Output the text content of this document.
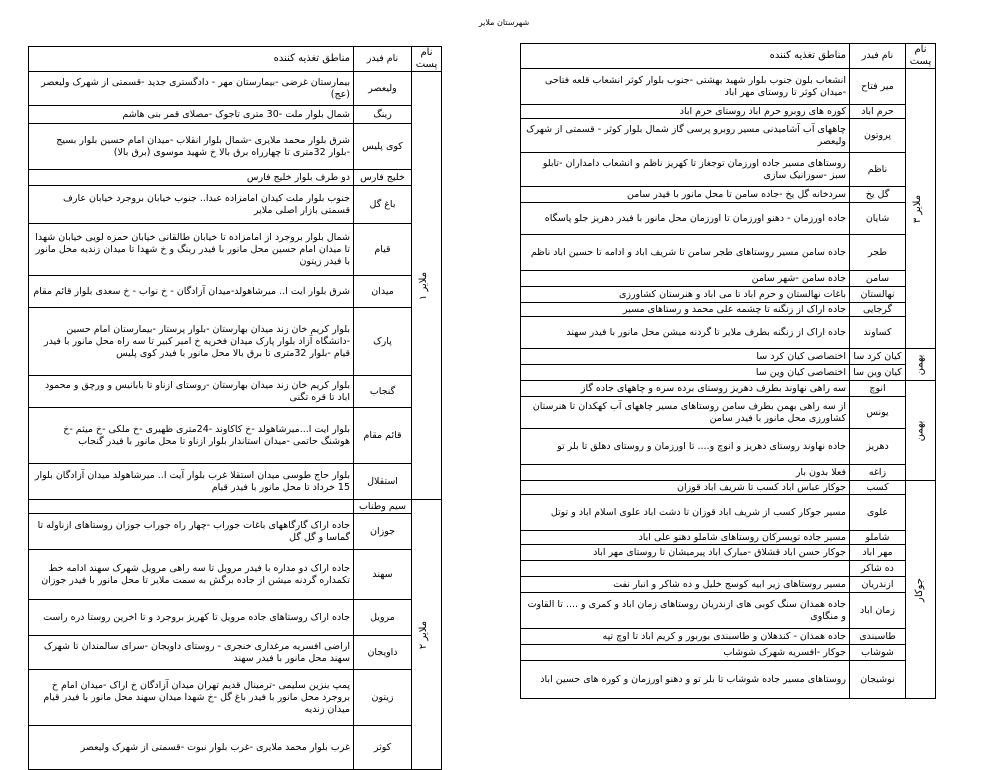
شهرستان ملایر
نام پست	نام فیدر	مناطق تغذیه کننده
ملایر ۱	ولیعصر	بیمارستان غرضی -بیمارستان مهر - دادگستری جدید -قسمتی از شهرک ولیعصر (عج)
	رینگ	شمال بلوار ملت -30 متری تاجوک -مصلای قمر بنی هاشم
	کوی پلیس	شرق بلوار محمد ملایری -شمال بلوار انقلاب -میدان امام حسین بلوار بسیج -بلوار 32متری تا چهارراه برق بالا خ شهید موسوی (برق بالا)
	خلیج فارس	دو طرف بلوار خلیج فارس
	باغ گل	جنوب بلوار ملت کیدان امامزاده عبدا.. جنوب خیابان بروجرد خیابان عارف قسمتی بازار اصلی ملایر
	قیام	شمال بلوار بروجرد از امامزاده تا خیابان طالقانی خیابان حمزه لویی خیابان شهدا تا میدان امام حسین محل مانور با فیدر رینگ و خ شهدا تا میدان زندیه محل مانور با فیدر زیتون
	میدان	شرق بلوار ایت ا.. میرشاهولد-میدان آزادگان - خ نواب - خ سعدی بلوار قائم مقام
	پارک	بلوار کریم خان زند میدان بهارستان -بلوار پرستار -بیمارستان امام حسین -دانشگاه آزاد بلوار پارک میدان فخریه خ امیر کبیر تا سه راه محل مانور با فیدر قیام -بلوار 32متری تا برق بالا محل مانور با فیدر کوی پلیس
	گنجاب	بلوار کریم خان زند میدان بهارستان -روستای ازناو تا بابانیس و ورچق و محمود اباد تا قره تگنی
	قائم مقام	بلوار ایت ا...میرشاهولد -خ کاکاوند -24متری ظهیری -خ ملکی -خ میثم -خ هوشنگ حاتمی -میدان استاندار بلوار ازناو تا محل مانور با فیدر گنجاب
	استقلال	بلوار حاج طوسی میدان استقلا غرب بلوار آیت ا.. میرشاهولد میدان آزادگان بلوار 15 خرداد تا محل مانور با فیدر قیام
ملایر ۲	سیم وطناب	
	جوزان	جاده اراک گارگاههای باغات جوراب -چهار راه جوراب جوزان روستاهای ازناوله تا گماسا و گل گل
	سهند	جاده اراک دو مداره با فیدر مرویل تا سه راهی مرویل شهرک سهند ادامه خط تکمداره گردنه میشن از جاده برگش به سمت ملایر تا محل مانور با فیدر جوزان
	مرویل	جاده اراک روستاهای جاده مرویل تا کهریز بروجرد و تا اخرین روستا دره راست
	داویجان	اراضی افسریه مرغداری خنجری - روستای داویجان -سرای سالمندان تا شهرک سهند محل مانور با فیدر سهند
	زیتون	پمپ بنزین سلیمی -ترمینال قدیم تهران میدان آزادگان خ اراک -میدان امام خ بروجرد محل مانور با فیدر باغ گل -خ شهدا میدان سهند محل مانور با فیدر قیام میدان زندیه
	کوثر	غرب بلوار محمد ملایری -غرب بلوار نبوت -قسمتی از شهرک ولیعصر
نام پست	نام فیدر	مناطق تغذیه کننده
ملایر ۳	میر فتاح	انشعاب بلون جنوب بلوار شهید بهشتی -جنوب بلوار کوثر انشعاب قلعه فتاحی -میدان کوثر تا روستای مهر اباد
	حرم اباد	کوره های روبرو حرم اباد روستای حرم اباد
	پروتون	چاههای آب آشامیدنی مسیر روبرو پرسی گاز شمال بلوار کوثر - قسمتی از شهرک ولیعصر
	ناظم	روستاهای مسیر جاده اورزمان توجغاز تا کهریز ناظم و انشعاب دامداران -تابلو سبز -سوزانیک سازی
	گل یخ	سردخانه گل یخ -جاده سامن تا محل مانور با فیدر سامن
	شایان	جاده اورزمان - دهنو اورزمان تا اورزمان محل مانور با فیدر دهریز جلو پاسگاه
	طجر	جاده سامن مسیر روستاهای طجر سامن تا شریف اباد و ادامه تا حسین اباد ناظم
	سامن	جاده سامن -شهر سامن
	نهالستان	باغات نهالستان و حرم اباد تا می اباد و هنرستان کشاورزی
	گرجایی	جاده اراک از زنگنه تا چشمه علی محمد و رستاهای مسیر
	کساوند	جاده اراک از زنگنه بطرف ملایر تا گردنه میشن محل مانور با فیدر سهند
بهمن	کیان کرد سا	اختصاصی کیان کرد سا
	کیان وین سا	اختصاصی کیان وین سا
بهمن	انوچ	سه راهی نهاوند بطرف دهریز روستای برده سره و چاههای جاده گاز
	یونس	از سه راهی بهمن بطرف سامن روستاهای مسیر چاههای آب کهکدان تا هنرستان کشاورزی محل مانور با فیدر سامن
	دهریز	جاده نهاوند روستای دهریز و انوچ و.... تا اورزمان و روستای دهلق تا بلر تو
	زاغه	فعلا بدون بار
جوکار	کسب	جوکار عباس اباد کسب تا شریف اباد قوزان
	علوی	مسیر جوکار کسب از شریف اباد قوزان تا دشت اباد علوی اسلام اباد و توتل
	شاملو	مسیر جاده تویسرکان روستاهای شاملو دهنو علی اباد
	مهر اباد	جوکار حسن اباد قشلاق -مبارک اباد پیرمیشان تا روستای مهر اباد
	ده شاکر	
	ازندریان	مسیر روستاهای زیر ابیه کوسج خلیل و ده شاکر و انبار نفت
	زمان اباد	جاده همدان سنگ کوبی های ازندریان روستاهای زمان اباد و کمری و .... تا القاوت و منگاوی
	طاسبندی	جاده همدان - کندهلان و طاسبندی بوربور و کریم اباد تا اوچ تپه
	شوشاب	جوکار -افسریه شهرک شوشاب
	نوشیجان	روستاهای مسیر جاده شوشاب تا بلر تو و دهنو اورزمان و کوره های حسین اباد
